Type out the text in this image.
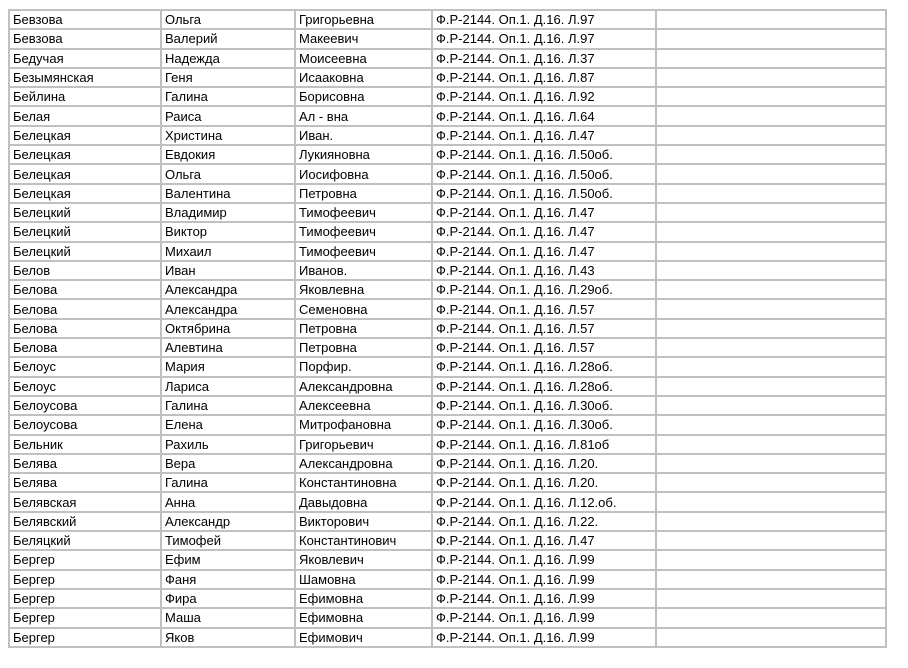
Бевзова	Ольга	Григорьевна	Ф.Р-2144. Оп.1. Д.16. Л.97	
Бевзова	Валерий	Макеевич	Ф.Р-2144. Оп.1. Д.16. Л.97	
Бедучая	Надежда	Моисеевна	Ф.Р-2144. Оп.1. Д.16. Л.37	
Безымянская	Геня	Исааковна	Ф.Р-2144. Оп.1. Д.16. Л.87	
Бейлина	Галина	Борисовна	Ф.Р-2144. Оп.1. Д.16. Л.92	
Белая	Раиса	Ал - вна	Ф.Р-2144. Оп.1. Д.16. Л.64	
Белецкая	Христина	Иван.	Ф.Р-2144. Оп.1. Д.16. Л.47	
Белецкая	Евдокия	Лукияновна	Ф.Р-2144. Оп.1. Д.16. Л.50об.	
Белецкая	Ольга	Иосифовна	Ф.Р-2144. Оп.1. Д.16. Л.50об.	
Белецкая	Валентина	Петровна	Ф.Р-2144. Оп.1. Д.16. Л.50об.	
Белецкий	Владимир	Тимофеевич	Ф.Р-2144. Оп.1. Д.16. Л.47	
Белецкий	Виктор	Тимофеевич	Ф.Р-2144. Оп.1. Д.16. Л.47	
Белецкий	Михаил	Тимофеевич	Ф.Р-2144. Оп.1. Д.16. Л.47	
Белов	Иван	Иванов.	Ф.Р-2144. Оп.1. Д.16. Л.43	
Белова	Александра	Яковлевна	Ф.Р-2144. Оп.1. Д.16. Л.29об.	
Белова	Александра	Семеновна	Ф.Р-2144. Оп.1. Д.16. Л.57	
Белова	Октябрина	Петровна	Ф.Р-2144. Оп.1. Д.16. Л.57	
Белова	Алевтина	Петровна	Ф.Р-2144. Оп.1. Д.16. Л.57	
Белоус	Мария	Порфир.	Ф.Р-2144. Оп.1. Д.16. Л.28об.	
Белоус	Лариса	Александровна	Ф.Р-2144. Оп.1. Д.16. Л.28об.	
Белоусова	Галина	Алексеевна	Ф.Р-2144. Оп.1. Д.16. Л.30об.	
Белоусова	Елена	Митрофановна	Ф.Р-2144. Оп.1. Д.16. Л.30об.	
Бельник	Рахиль	Григорьевич	Ф.Р-2144. Оп.1. Д.16. Л.81об	
Белява	Вера	Александровна	Ф.Р-2144. Оп.1. Д.16. Л.20.	
Белява	Галина	Константиновна	Ф.Р-2144. Оп.1. Д.16. Л.20.	
Белявская	Анна	Давыдовна	Ф.Р-2144. Оп.1. Д.16. Л.12.об.	
Белявский	Александр	Викторович	Ф.Р-2144. Оп.1. Д.16. Л.22.	
Беляцкий	Тимофей	Константинович	Ф.Р-2144. Оп.1. Д.16. Л.47	
Бергер	Ефим	Яковлевич	Ф.Р-2144. Оп.1. Д.16. Л.99	
Бергер	Фаня	Шамовна	Ф.Р-2144. Оп.1. Д.16. Л.99	
Бергер	Фира	Ефимовна	Ф.Р-2144. Оп.1. Д.16. Л.99	
Бергер	Маша	Ефимовна	Ф.Р-2144. Оп.1. Д.16. Л.99	
Бергер	Яков	Ефимович	Ф.Р-2144. Оп.1. Д.16. Л.99	
